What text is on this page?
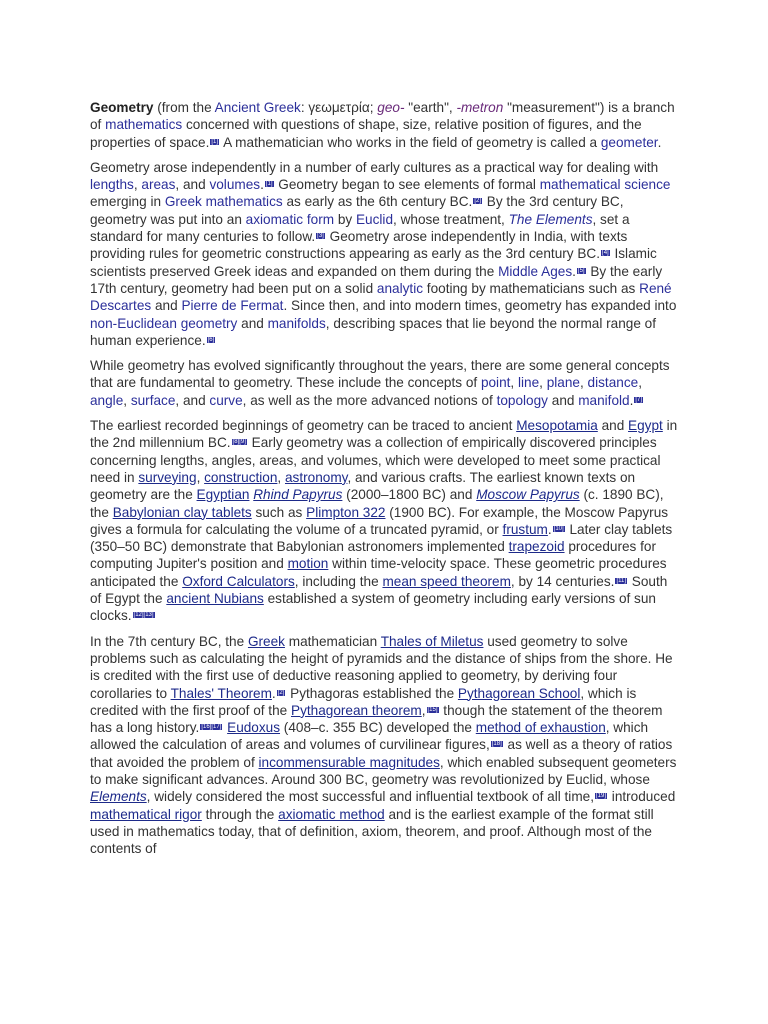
Geometry (from the Ancient Greek: γεωμετρία; geo- "earth", -metron "measurement") is a branch of mathematics concerned with questions of shape, size, relative position of figures, and the properties of space. [1] A mathematician who works in the field of geometry is called a geometer.

Geometry arose independently in a number of early cultures as a practical way for dealing with lengths, areas, and volumes. [1] Geometry began to see elements of formal mathematical science emerging in Greek mathematics as early as the 6th century BC. [2] By the 3rd century BC, geometry was put into an axiomatic form by Euclid, whose treatment, The Elements, set a standard for many centuries to follow. [3] Geometry arose independently in India, with texts providing rules for geometric constructions appearing as early as the 3rd century BC. [4] Islamic scientists preserved Greek ideas and expanded on them during the Middle Ages. [5] By the early 17th century, geometry had been put on a solid analytic footing by mathematicians such as René Descartes and Pierre de Fermat. Since then, and into modern times, geometry has expanded into non-Euclidean geometry and manifolds, describing spaces that lie beyond the normal range of human experience. [6]

While geometry has evolved significantly throughout the years, there are some general concepts that are fundamental to geometry. These include the concepts of point, line, plane, distance, angle, surface, and curve, as well as the more advanced notions of topology and manifold. [7]

The earliest recorded beginnings of geometry can be traced to ancient Mesopotamia and Egypt in the 2nd millennium BC. [8][9] Early geometry was a collection of empirically discovered principles concerning lengths, angles, areas, and volumes, which were developed to meet some practical need in surveying, construction, astronomy, and various crafts. The earliest known texts on geometry are the Egyptian Rhind Papyrus (2000–1800 BC) and Moscow Papyrus (c. 1890 BC), the Babylonian clay tablets such as Plimpton 322 (1900 BC). For example, the Moscow Papyrus gives a formula for calculating the volume of a truncated pyramid, or frustum. [10] Later clay tablets (350–50 BC) demonstrate that Babylonian astronomers implemented trapezoid procedures for computing Jupiter's position and motion within time-velocity space. These geometric procedures anticipated the Oxford Calculators, including the mean speed theorem, by 14 centuries. [11] South of Egypt the ancient Nubians established a system of geometry including early versions of sun clocks. [12][13]

In the 7th century BC, the Greek mathematician Thales of Miletus used geometry to solve problems such as calculating the height of pyramids and the distance of ships from the shore. He is credited with the first use of deductive reasoning applied to geometry, by deriving four corollaries to Thales' Theorem. [2] Pythagoras established the Pythagorean School, which is credited with the first proof of the Pythagorean theorem, [15] though the statement of the theorem has a long history. [16][17] Eudoxus (408–c. 355 BC) developed the method of exhaustion, which allowed the calculation of areas and volumes of curvilinear figures, [18] as well as a theory of ratios that avoided the problem of incommensurable magnitudes, which enabled subsequent geometers to make significant advances. Around 300 BC, geometry was revolutionized by Euclid, whose Elements, widely considered the most successful and influential textbook of all time, [19] introduced mathematical rigor through the axiomatic method and is the earliest example of the format still used in mathematics today, that of definition, axiom, theorem, and proof. Although most of the contents of
